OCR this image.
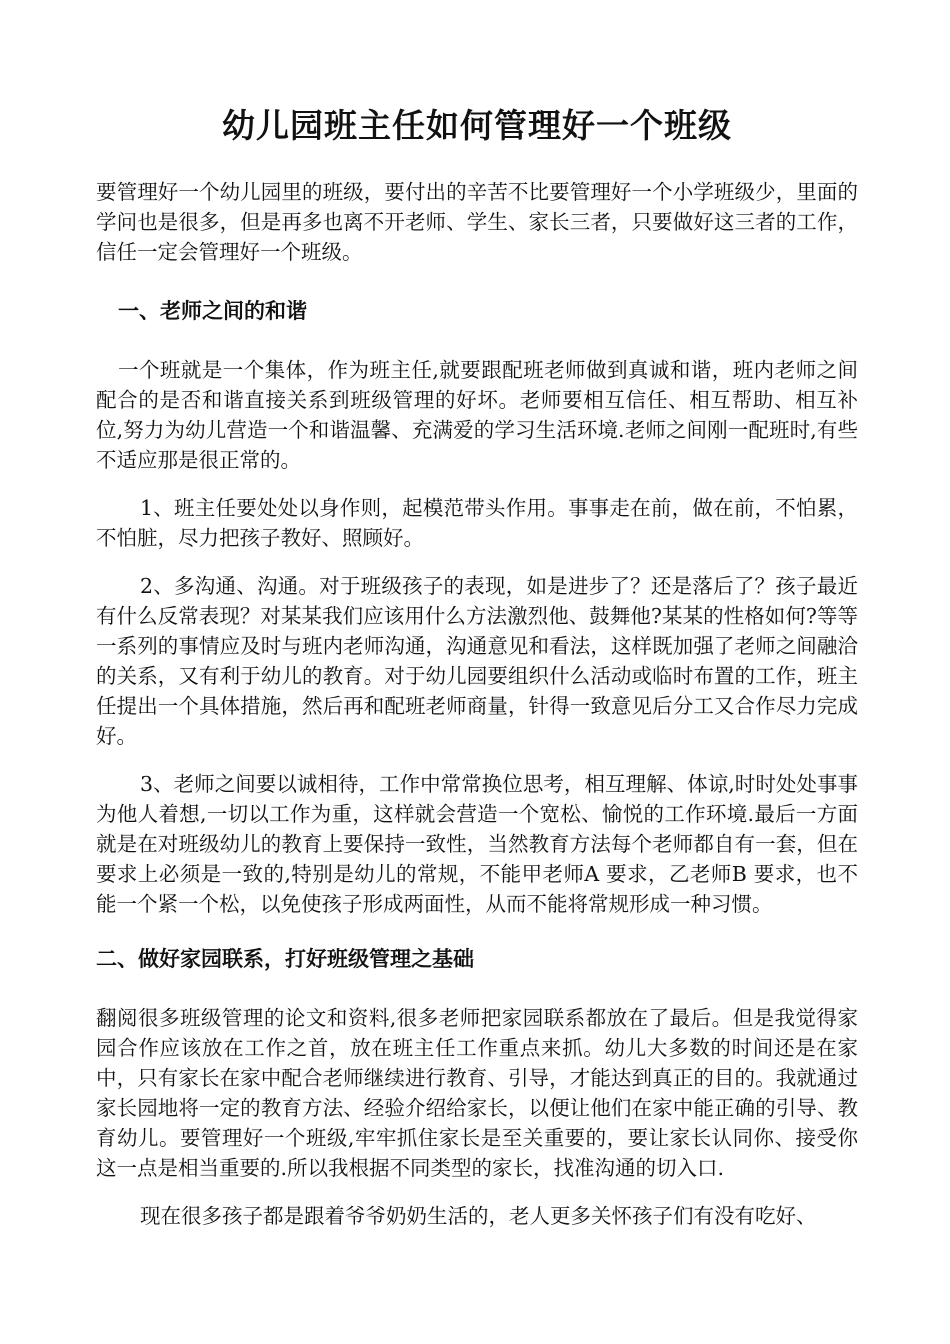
幼儿园班主任如何管理好一个班级

要管理好一个幼儿园里的班级，要付出的辛苦不比要管理好一个小学班级少，里面的学问也是很多，但是再多也离不开老师、学生、家长三者，只要做好这三者的工作，信任一定会管理好一个班级。

一、老师之间的和谐

一个班就是一个集体，作为班主任,就要跟配班老师做到真诚和谐，班内老师之间配合的是否和谐直接关系到班级管理的好坏。老师要相互信任、相互帮助、相互补位,努力为幼儿营造一个和谐温馨、充满爱的学习生活环境.老师之间刚一配班时,有些不适应那是很正常的。

1、班主任要处处以身作则，起模范带头作用。事事走在前，做在前，不怕累，不怕脏，尽力把孩子教好、照顾好。

2、多沟通、沟通。对于班级孩子的表现，如是进步了？还是落后了？孩子最近有什么反常表现？对某某我们应该用什么方法激烈他、鼓舞他?某某的性格如何?等等一系列的事情应及时与班内老师沟通，沟通意见和看法，这样既加强了老师之间融洽的关系，又有利于幼儿的教育。对于幼儿园要组织什么活动或临时布置的工作，班主任提出一个具体措施，然后再和配班老师商量，针得一致意见后分工又合作尽力完成好。

3、老师之间要以诚相待，工作中常常换位思考，相互理解、体谅,时时处处事事为他人着想,一切以工作为重，这样就会营造一个宽松、愉悦的工作环境.最后一方面就是在对班级幼儿的教育上要保持一致性，当然教育方法每个老师都自有一套，但在要求上必须是一致的,特别是幼儿的常规，不能甲老师A 要求，乙老师B 要求，也不能一个紧一个松，以免使孩子形成两面性，从而不能将常规形成一种习惯。

二、做好家园联系，打好班级管理之基础

翻阅很多班级管理的论文和资料,很多老师把家园联系都放在了最后。但是我觉得家园合作应该放在工作之首，放在班主任工作重点来抓。幼儿大多数的时间还是在家中，只有家长在家中配合老师继续进行教育、引导，才能达到真正的目的。我就通过家长园地将一定的教育方法、经验介绍给家长，以便让他们在家中能正确的引导、教育幼儿。要管理好一个班级,牢牢抓住家长是至关重要的，要让家长认同你、接受你这一点是相当重要的.所以我根据不同类型的家长，找准沟通的切入口.

现在很多孩子都是跟着爷爷奶奶生活的，老人更多关怀孩子们有没有吃好、
